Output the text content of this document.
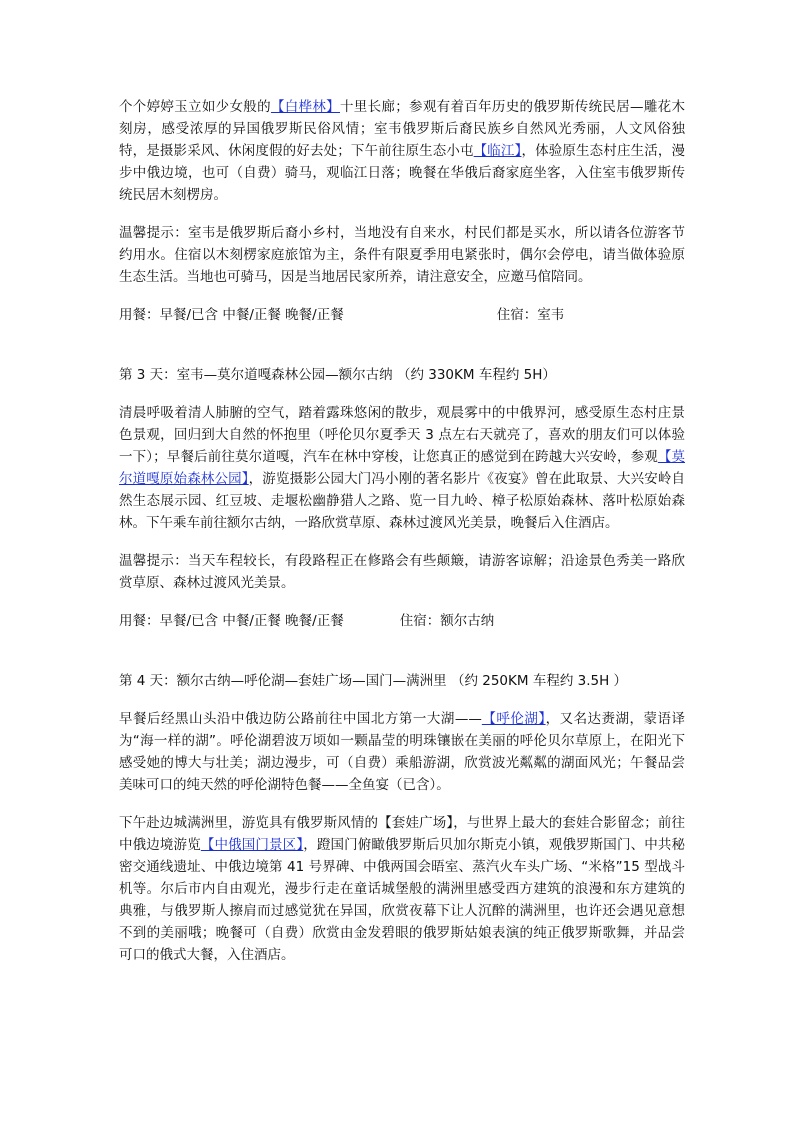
个个婷婷玉立如少女般的【白桦林】十里长廊；参观有着百年历史的俄罗斯传统民居—雕花木刻房，感受浓厚的异国俄罗斯民俗风情；室韦俄罗斯后裔民族乡自然风光秀丽，人文风俗独特，是摄影采风、休闲度假的好去处；下午前往原生态小屯【临江】，体验原生态村庄生活，漫步中俄边境，也可（自费）骑马，观临江日落；晚餐在华俄后裔家庭坐客，入住室韦俄罗斯传统民居木刻楞房。

温馨提示：室韦是俄罗斯后裔小乡村，当地没有自来水，村民们都是买水，所以请各位游客节约用水。住宿以木刻楞家庭旅馆为主，条件有限夏季用电紧张时，偶尔会停电，请当做体验原生态生活。当地也可骑马，因是当地居民家所养，请注意安全，应邀马倌陪同。

用餐：早餐/已含 中餐/正餐 晚餐/正餐	住宿：室韦

第 3 天：室韦—莫尔道嘎森林公园—额尔古纳 （约 330KM 车程约 5H）

清晨呼吸着清人肺腑的空气，踏着露珠悠闲的散步，观晨雾中的中俄界河，感受原生态村庄景色景观，回归到大自然的怀抱里（呼伦贝尔夏季天 3 点左右天就亮了，喜欢的朋友们可以体验一下）；早餐后前往莫尔道嘎，汽车在林中穿梭，让您真正的感觉到在跨越大兴安岭，参观【莫尔道嘎原始森林公园】，游览摄影公园大门冯小刚的著名影片《夜宴》曾在此取景、大兴安岭自然生态展示园、红豆坡、走堰松幽静猎人之路、览一目九岭、樟子松原始森林、落叶松原始森林。下午乘车前往额尔古纳，一路欣赏草原、森林过渡风光美景，晚餐后入住酒店。

温馨提示：当天车程较长，有段路程正在修路会有些颠簸，请游客谅解；沿途景色秀美一路欣赏草原、森林过渡风光美景。

用餐：早餐/已含 中餐/正餐 晚餐/正餐	住宿：额尔古纳

第 4 天：额尔古纳—呼伦湖—套娃广场—国门—满洲里 （约 250KM 车程约 3.5H ）

早餐后经黑山头沿中俄边防公路前往中国北方第一大湖——【呼伦湖】，又名达赉湖，蒙语译为“海一样的湖”。呼伦湖碧波万顷如一颗晶莹的明珠镶嵌在美丽的呼伦贝尔草原上，在阳光下感受她的博大与壮美；湖边漫步，可（自费）乘船游湖，欣赏波光粼粼的湖面风光；午餐品尝美味可口的纯天然的呼伦湖特色餐——全鱼宴（已含）。

下午赴边城满洲里，游览具有俄罗斯风情的【套娃广场】，与世界上最大的套娃合影留念；前往中俄边境游览【中俄国门景区】，蹬国门俯瞰俄罗斯后贝加尔斯克小镇，观俄罗斯国门、中共秘密交通线遗址、中俄边境第 41 号界碑、中俄两国会晤室、蒸汽火车头广场、“米格”15 型战斗机等。尔后市内自由观光，漫步行走在童话城堡般的满洲里感受西方建筑的浪漫和东方建筑的典雅，与俄罗斯人擦肩而过感觉犹在异国，欣赏夜幕下让人沉醉的满洲里，也许还会遇见意想不到的美丽哦；晚餐可（自费）欣赏由金发碧眼的俄罗斯姑娘表演的纯正俄罗斯歌舞，并品尝可口的俄式大餐，入住酒店。
